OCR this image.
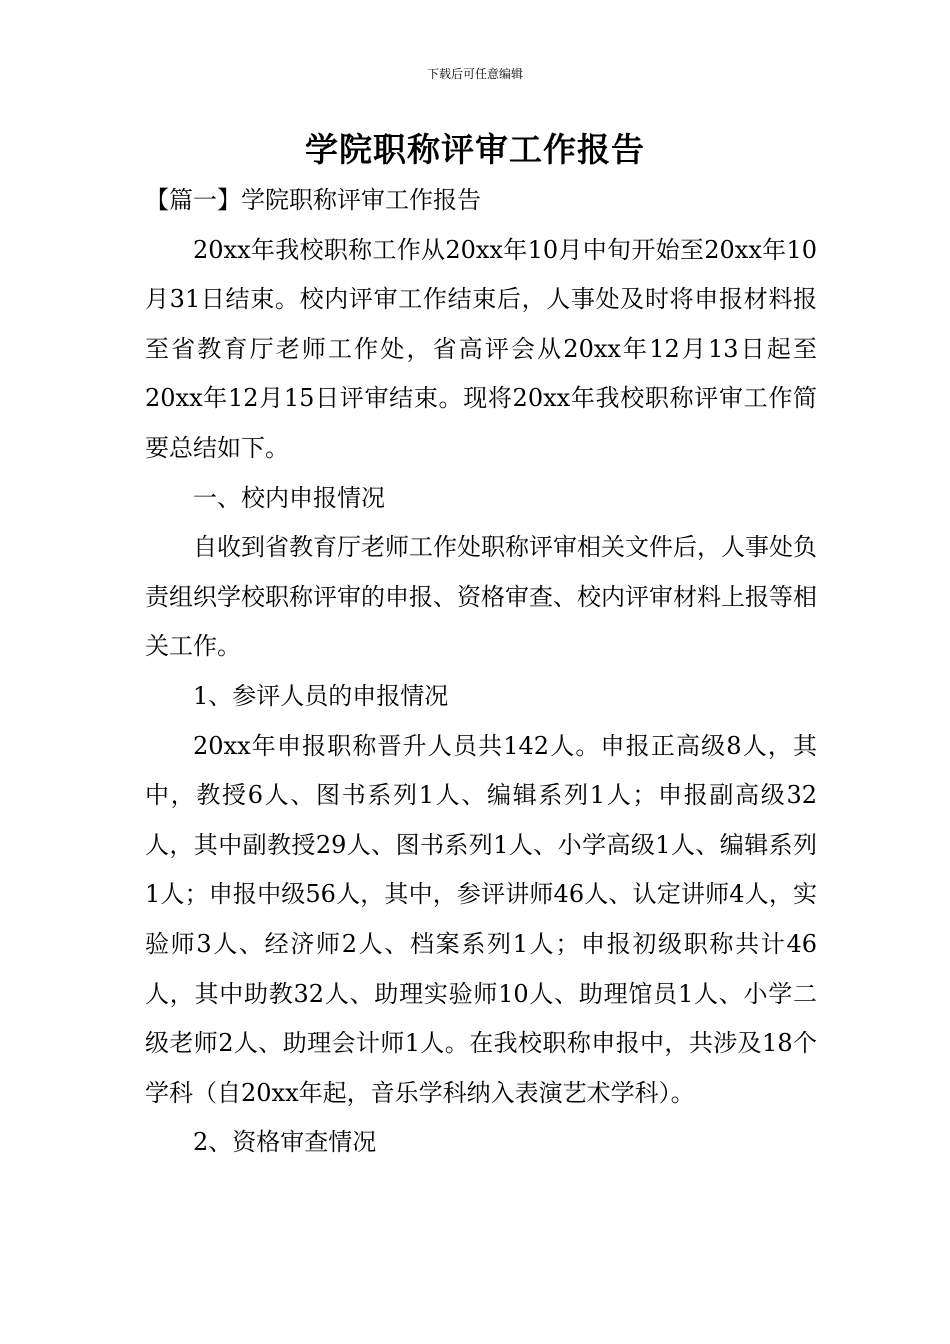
下载后可任意编辑
学院职称评审工作报告

【篇一】学院职称评审工作报告

20xx年我校职称工作从20xx年10月中旬开始至20xx年10月31日结束。校内评审工作结束后，人事处及时将申报材料报至省教育厅老师工作处，省高评会从20xx年12月13日起至20xx年12月15日评审结束。现将20xx年我校职称评审工作简要总结如下。

一、校内申报情况

自收到省教育厅老师工作处职称评审相关文件后，人事处负责组织学校职称评审的申报、资格审查、校内评审材料上报等相关工作。

1、参评人员的申报情况

20xx年申报职称晋升人员共142人。申报正高级8人，其中，教授6人、图书系列1人、编辑系列1人；申报副高级32人，其中副教授29人、图书系列1人、小学高级1人、编辑系列1人；申报中级56人，其中，参评讲师46人、认定讲师4人，实验师3人、经济师2人、档案系列1人；申报初级职称共计46人，其中助教32人、助理实验师10人、助理馆员1人、小学二级老师2人、助理会计师1人。在我校职称申报中，共涉及18个学科（自20xx年起，音乐学科纳入表演艺术学科）。

2、资格审查情况
